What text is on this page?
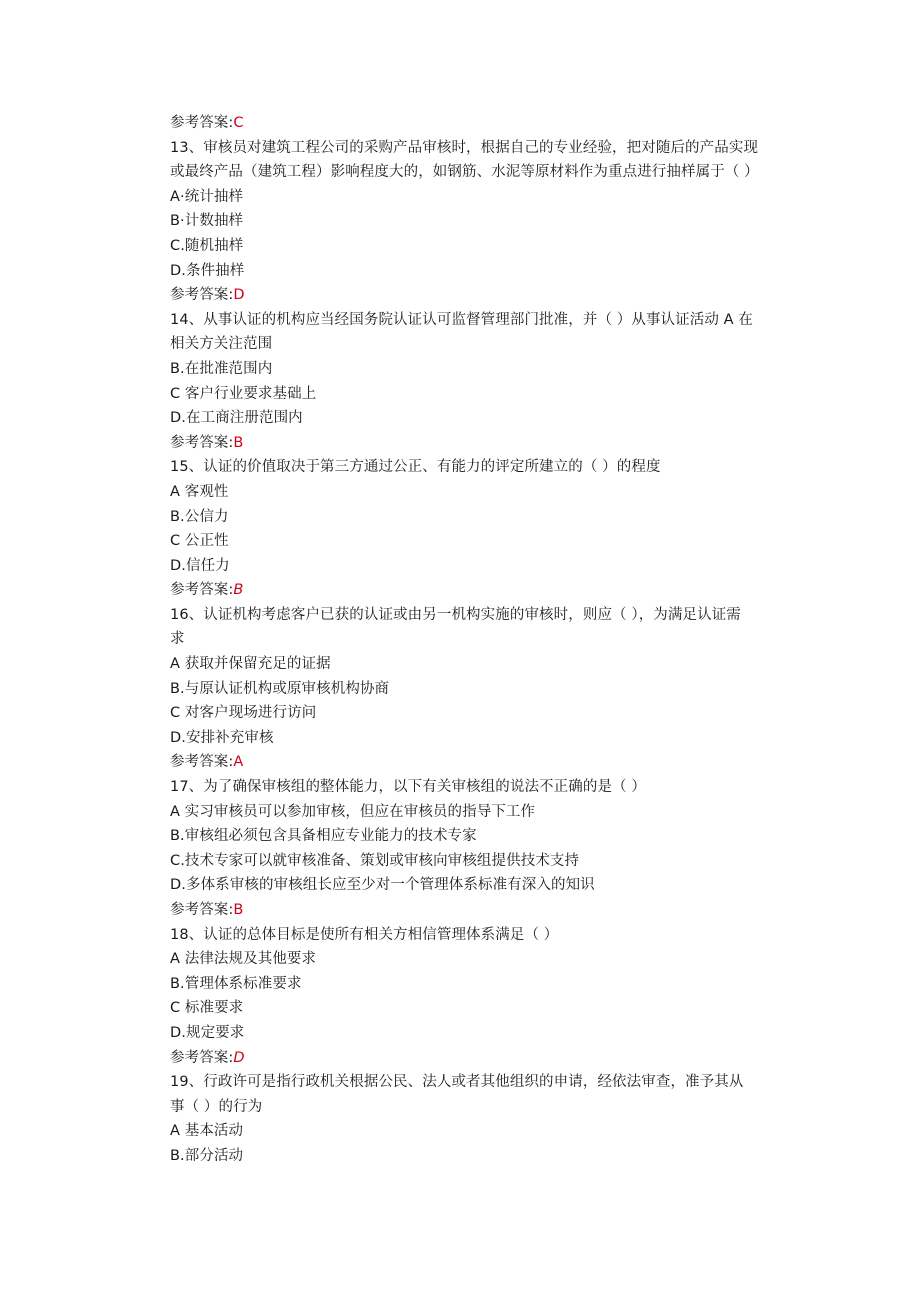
参考答案:C
13、审核员对建筑工程公司的采购产品审核时，根据自己的专业经验，把对随后的产品实现
或最终产品（建筑工程）影响程度大的，如钢筋、水泥等原材料作为重点进行抽样属于（ ）
A·统计抽样
B·计数抽样
C.随机抽样
D.条件抽样
参考答案:D
14、从事认证的机构应当经国务院认证认可监督管理部门批准，并（ ）从事认证活动 A 在
相关方关注范围
B.在批准范围内
C 客户行业要求基础上
D.在工商注册范围内
参考答案:B
15、认证的价值取决于第三方通过公正、有能力的评定所建立的（ ）的程度
A 客观性
B.公信力
C 公正性
D.信任力
参考答案:B
16、认证机构考虑客户已获的认证或由另一机构实施的审核时，则应（ ），为满足认证需
求
A 获取并保留充足的证据
B.与原认证机构或原审核机构协商
C 对客户现场进行访问
D.安排补充审核
参考答案:A
17、为了确保审核组的整体能力，以下有关审核组的说法不正确的是（ ）
A 实习审核员可以参加审核，但应在审核员的指导下工作
B.审核组必须包含具备相应专业能力的技术专家
C.技术专家可以就审核准备、策划或审核向审核组提供技术支持
D.多体系审核的审核组长应至少对一个管理体系标准有深入的知识
参考答案:B
18、认证的总体目标是使所有相关方相信管理体系满足（ ）
A 法律法规及其他要求
B.管理体系标准要求
C 标准要求
D.规定要求
参考答案:D
19、行政许可是指行政机关根据公民、法人或者其他组织的申请，经依法审查，准予其从
事（ ）的行为
A 基本活动
B.部分活动
